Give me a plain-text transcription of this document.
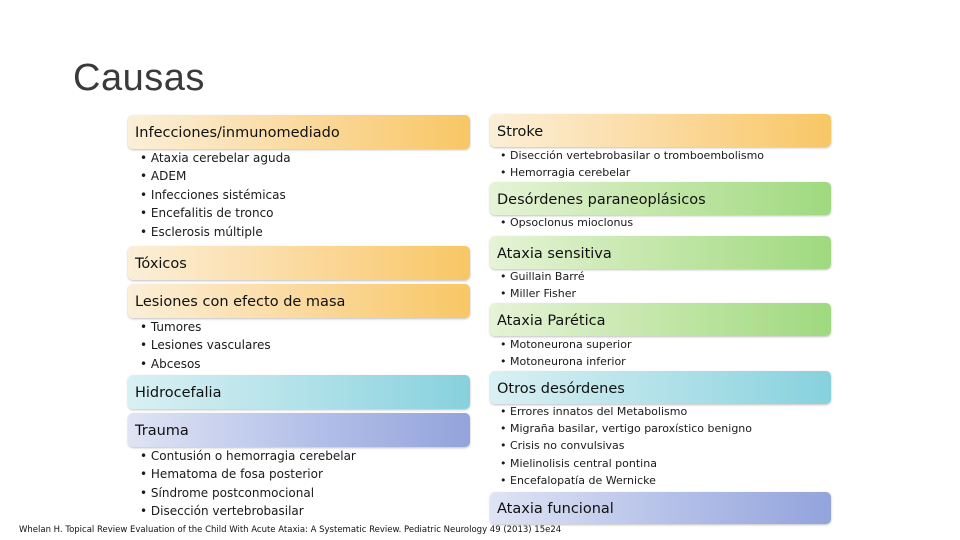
Causas
Infecciones/inmunomediado
• Ataxia cerebelar aguda
• ADEM
• Infecciones sistémicas
• Encefalitis de tronco
• Esclerosis múltiple
Tóxicos
Lesiones con efecto de masa
• Tumores
• Lesiones vasculares
• Abcesos
Hidrocefalia
Trauma
• Contusión o hemorragia cerebelar
• Hematoma de fosa posterior
• Síndrome postconmocional
• Disección vertebrobasilar
Stroke
• Disección vertebrobasilar o tromboembolismo
• Hemorragia cerebelar
Desórdenes paraneoplásicos
• Opsoclonus mioclonus
Ataxia sensitiva
• Guillain Barré
• Miller Fisher
Ataxia Parética
• Motoneurona superior
• Motoneurona inferior
Otros desórdenes
• Errores innatos del Metabolismo
• Migraña basilar, vertigo paroxístico benigno
• Crisis no convulsivas
• Mielinolisis central pontina
• Encefalopatía de Wernicke
Ataxia funcional
Whelan H. Topical Review Evaluation of the Child With Acute Ataxia: A Systematic Review. Pediatric Neurology 49 (2013) 15e24
